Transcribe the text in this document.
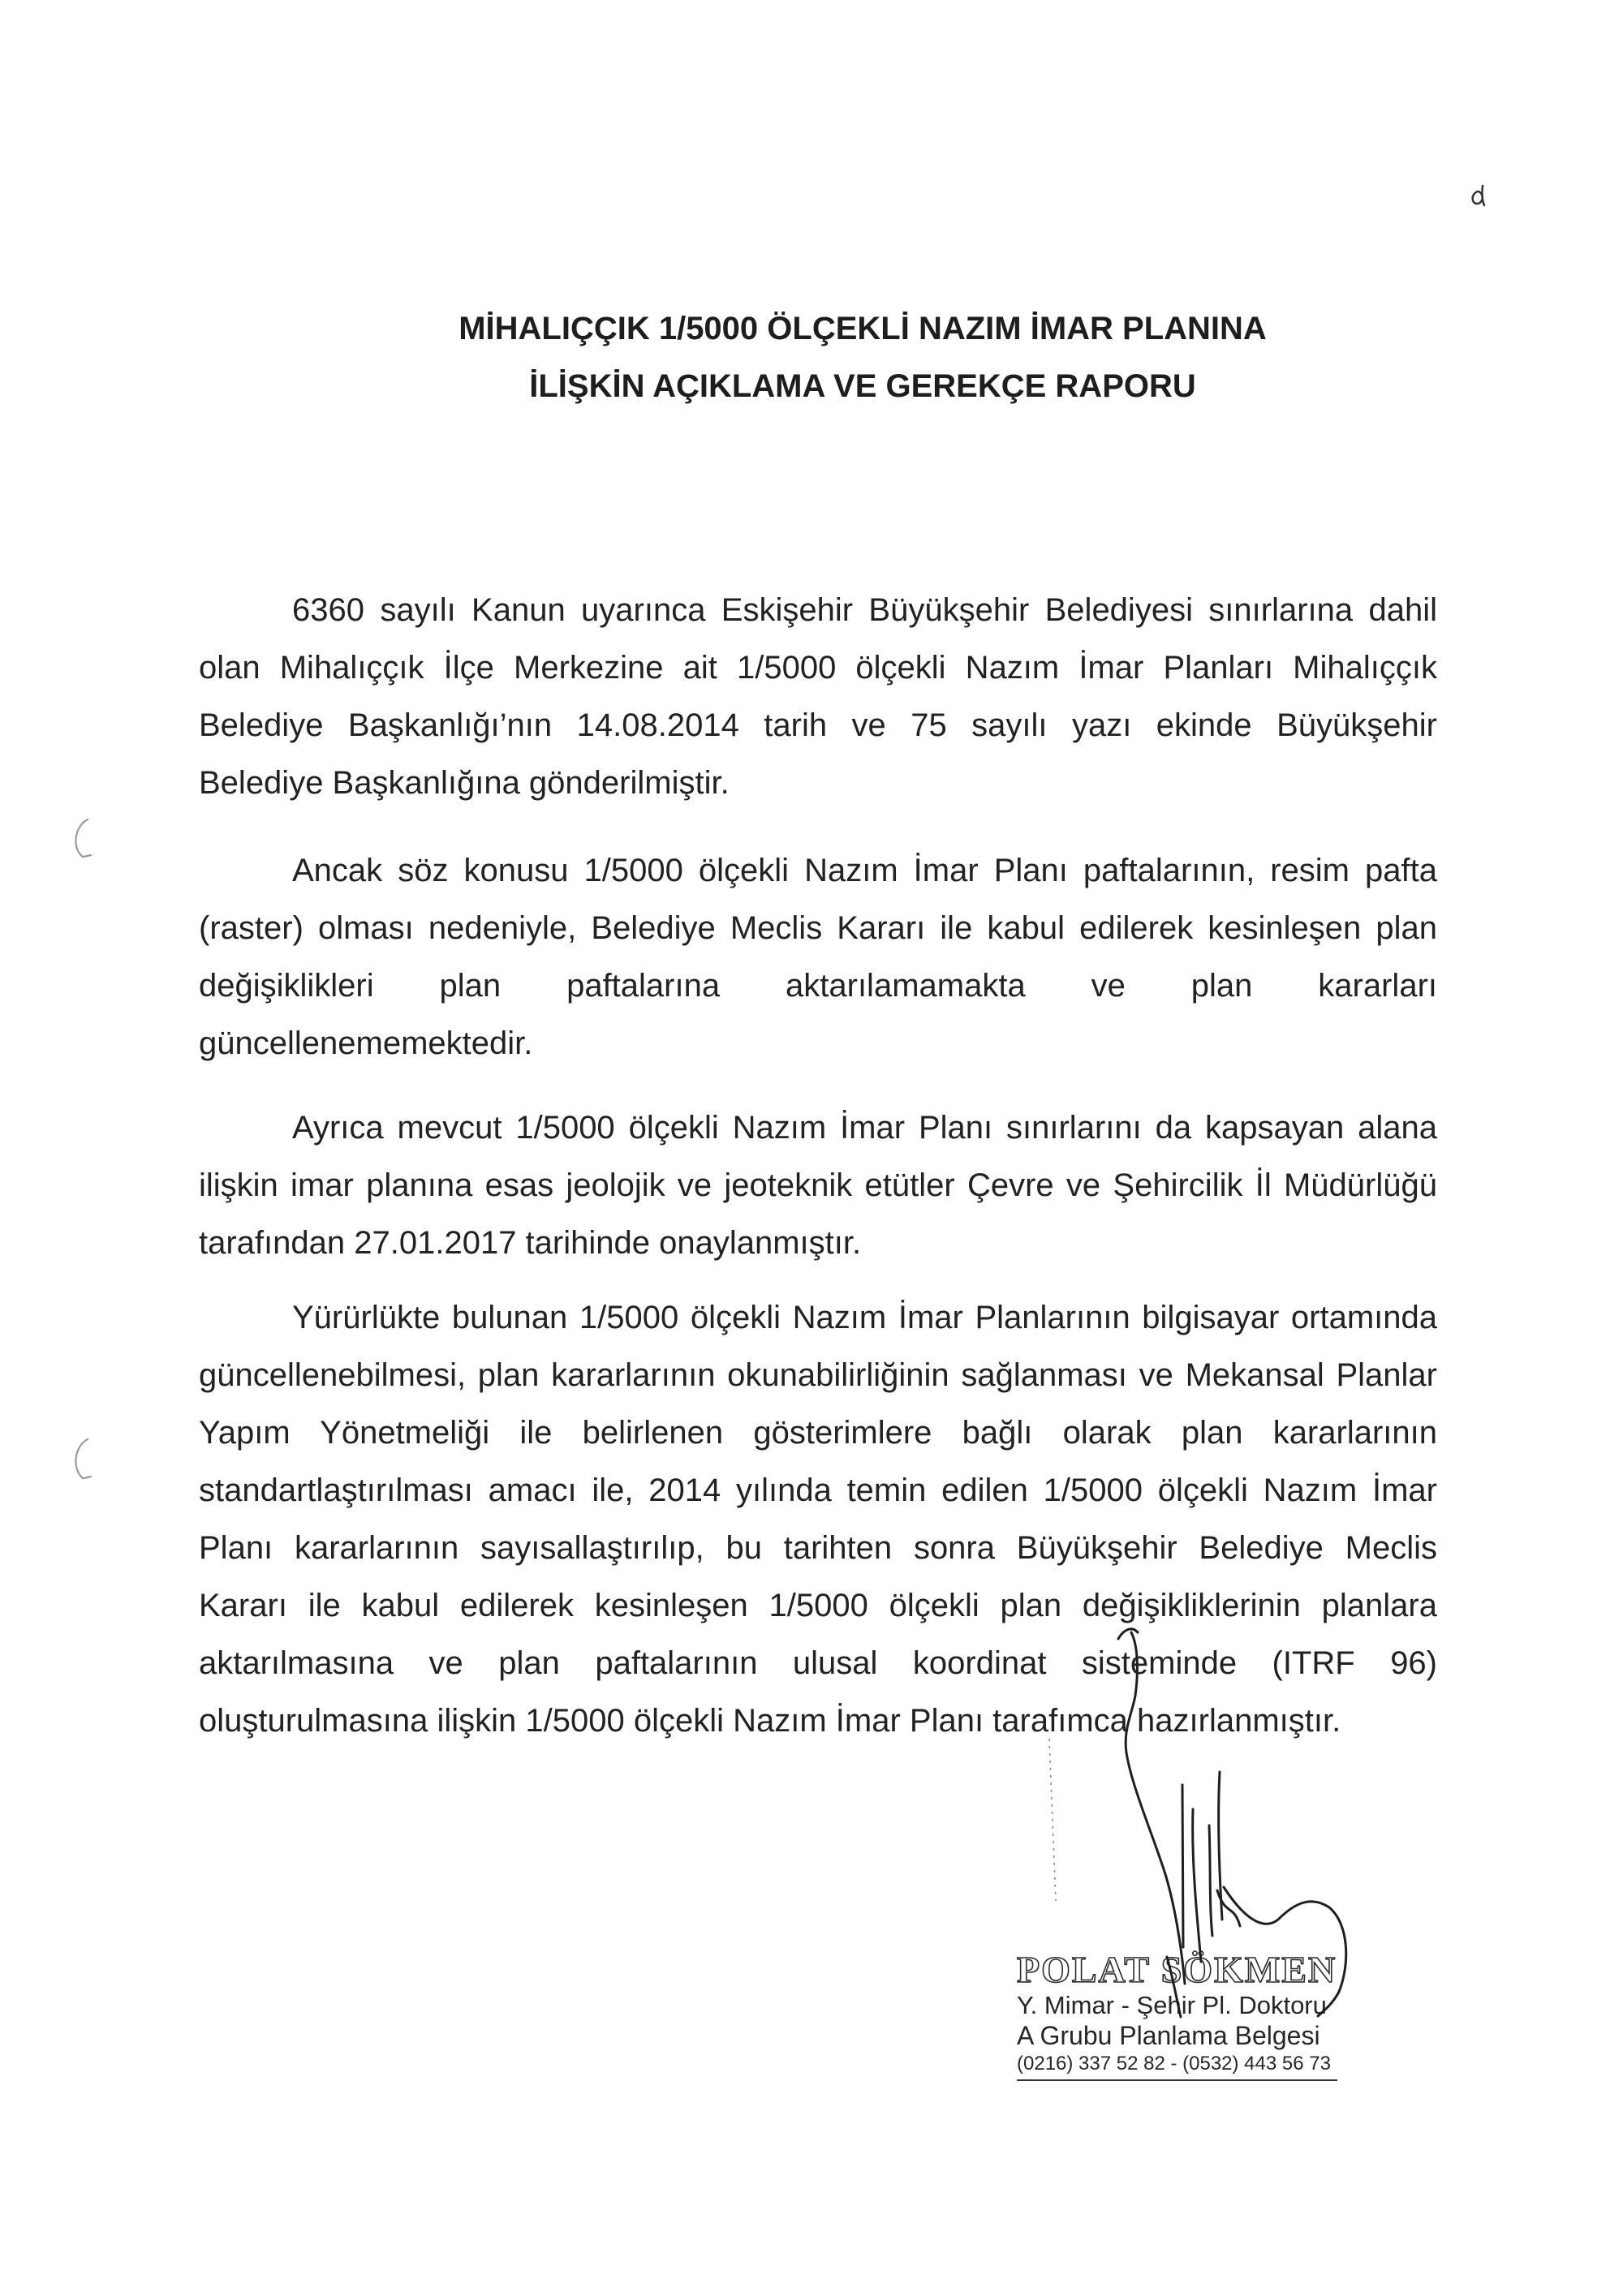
MİHALIÇÇIK 1/5000 ÖLÇEKLİ NAZIM İMAR PLANINA
İLİŞKİN AÇIKLAMA VE GEREKÇE RAPORU
6360 sayılı Kanun uyarınca Eskişehir Büyükşehir Belediyesi sınırlarına dahil
olan Mihalıççık İlçe Merkezine ait 1/5000 ölçekli Nazım İmar Planları Mihalıççık
Belediye Başkanlığı’nın 14.08.2014 tarih ve 75 sayılı yazı ekinde Büyükşehir
Belediye Başkanlığına gönderilmiştir.
Ancak söz konusu 1/5000 ölçekli Nazım İmar Planı paftalarının, resim pafta
(raster) olması nedeniyle, Belediye Meclis Kararı ile kabul edilerek kesinleşen plan
değişiklikleri plan paftalarına aktarılamamakta ve plan kararları
güncellenememektedir.
Ayrıca mevcut 1/5000 ölçekli Nazım İmar Planı sınırlarını da kapsayan alana
ilişkin imar planına esas jeolojik ve jeoteknik etütler Çevre ve Şehircilik İl Müdürlüğü
tarafından 27.01.2017 tarihinde onaylanmıştır.
Yürürlükte bulunan 1/5000 ölçekli Nazım İmar Planlarının bilgisayar ortamında
güncellenebilmesi, plan kararlarının okunabilirliğinin sağlanması ve Mekansal Planlar
Yapım Yönetmeliği ile belirlenen gösterimlere bağlı olarak plan kararlarının
standartlaştırılması amacı ile, 2014 yılında temin edilen 1/5000 ölçekli Nazım İmar
Planı kararlarının sayısallaştırılıp, bu tarihten sonra Büyükşehir Belediye Meclis
Kararı ile kabul edilerek kesinleşen 1/5000 ölçekli plan değişikliklerinin planlara
aktarılmasına ve plan paftalarının ulusal koordinat sisteminde (ITRF 96)
oluşturulmasına ilişkin 1/5000 ölçekli Nazım İmar Planı tarafımca hazırlanmıştır.
POLAT SÖKMEN
Y. Mimar - Şehir Pl. Doktoru
A Grubu Planlama Belgesi
(0216) 337 52 82 - (0532) 443 56 73
